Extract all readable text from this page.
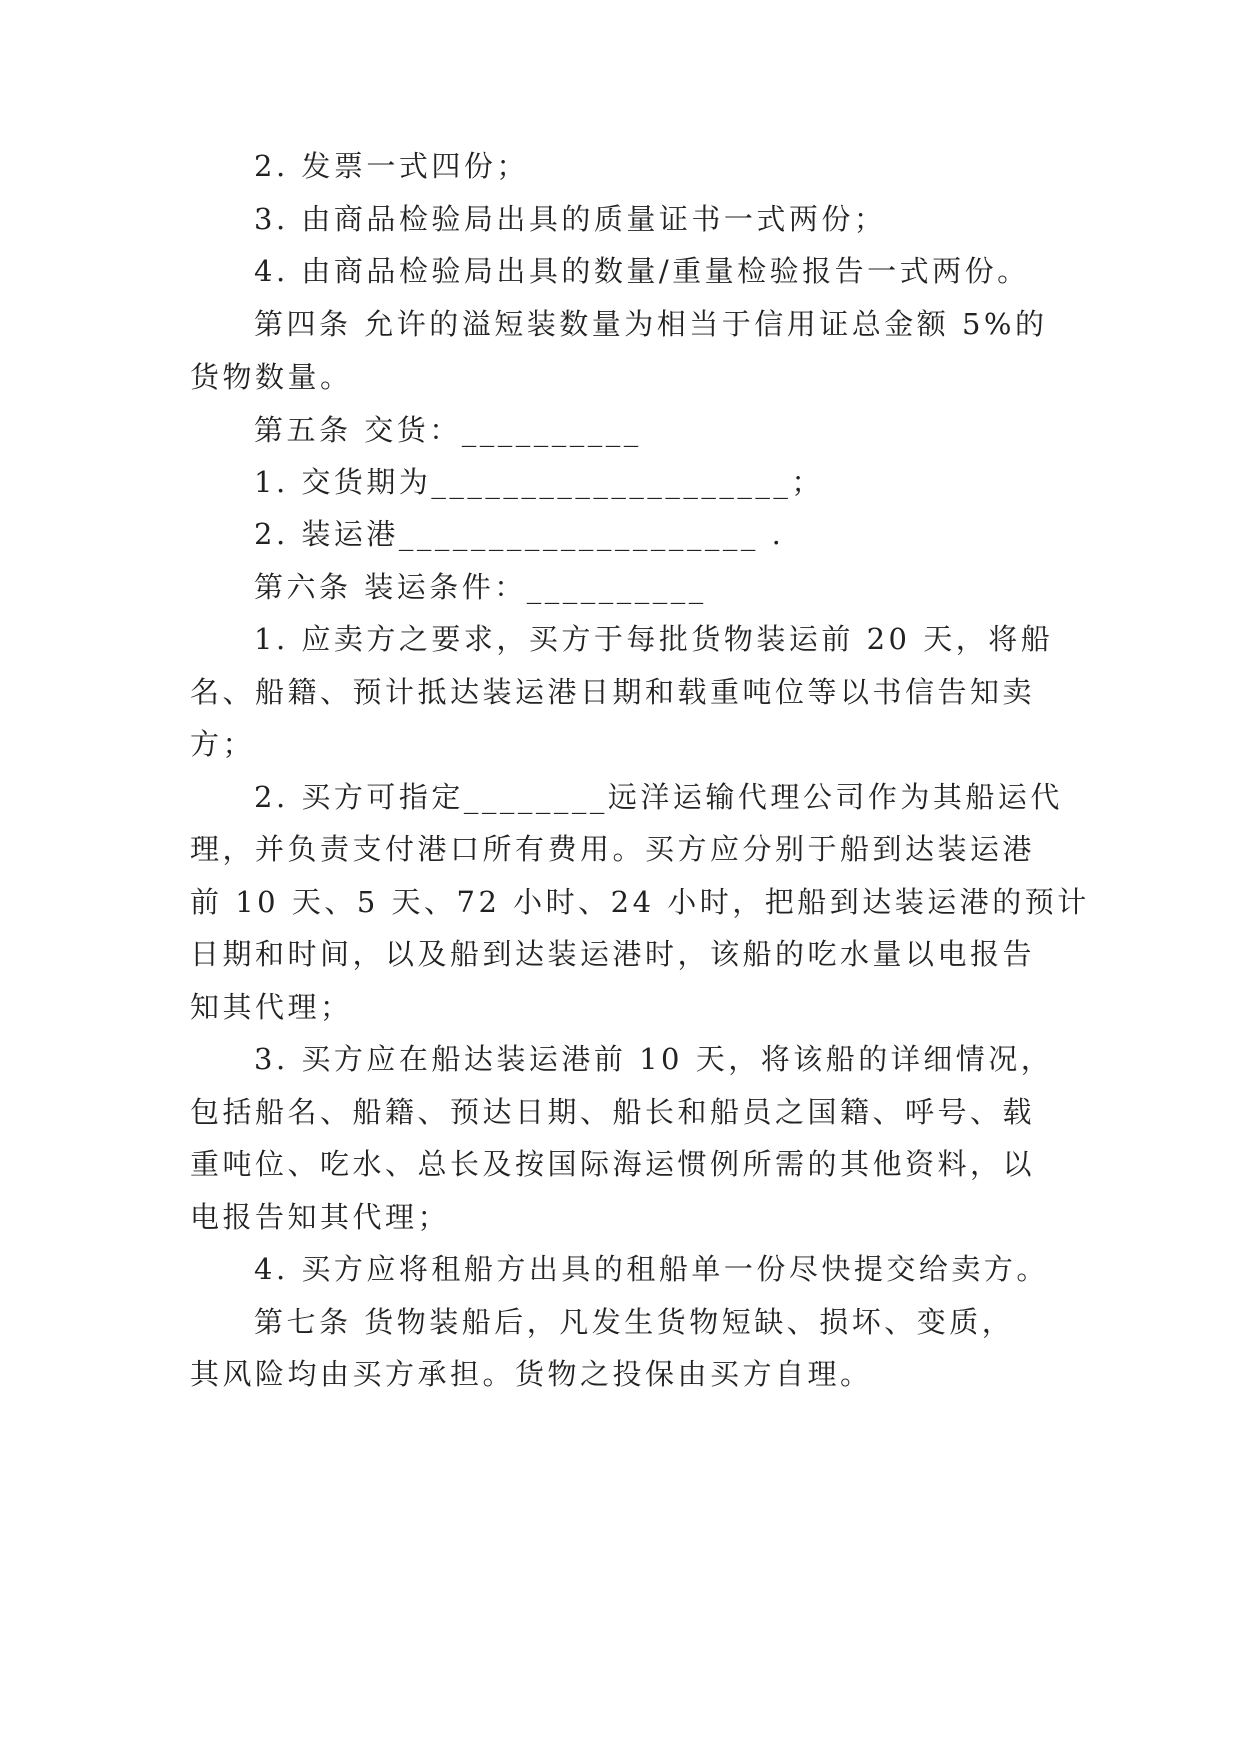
2. 发票一式四份；
3. 由商品检验局出具的质量证书一式两份；
4. 由商品检验局出具的数量/重量检验报告一式两份。
第四条 允许的溢短装数量为相当于信用证总金额 5%的
货物数量。
第五条 交货：__________
1. 交货期为____________________；
2. 装运港____________________ .
第六条 装运条件：__________
1. 应卖方之要求，买方于每批货物装运前 20 天，将船
名、船籍、预计抵达装运港日期和载重吨位等以书信告知卖
方；
2. 买方可指定________远洋运输代理公司作为其船运代
理，并负责支付港口所有费用。买方应分别于船到达装运港
前 10 天、5 天、72 小时、24 小时，把船到达装运港的预计
日期和时间，以及船到达装运港时，该船的吃水量以电报告
知其代理；
3. 买方应在船达装运港前 10 天，将该船的详细情况，
包括船名、船籍、预达日期、船长和船员之国籍、呼号、载
重吨位、吃水、总长及按国际海运惯例所需的其他资料，以
电报告知其代理；
4. 买方应将租船方出具的租船单一份尽快提交给卖方。
第七条 货物装船后，凡发生货物短缺、损坏、变质，
其风险均由买方承担。货物之投保由买方自理。
